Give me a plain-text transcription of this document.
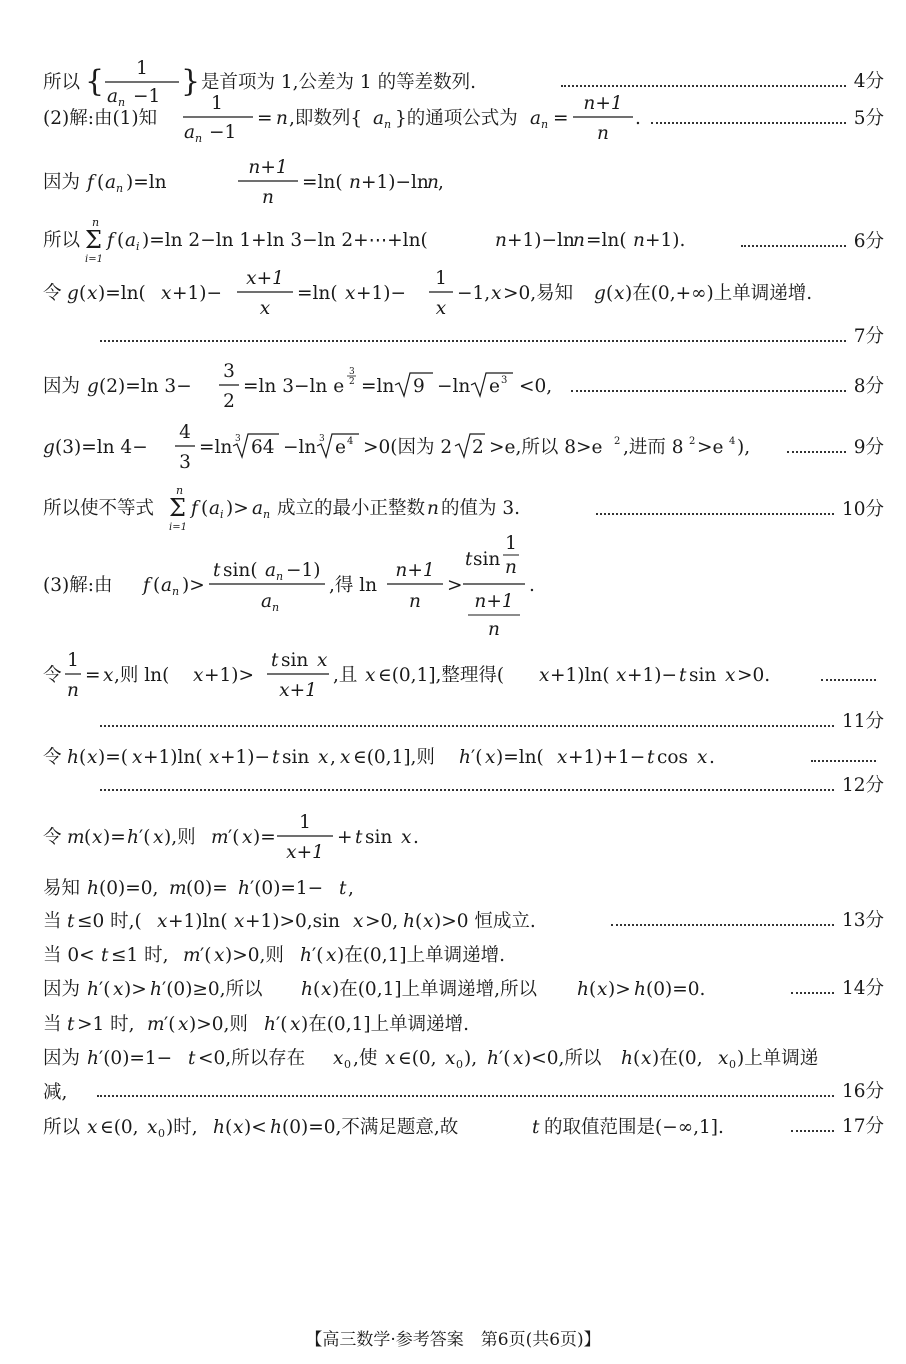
所以 { 1
a n −1 } 是首项为 1,公差为 1 的等差数列.	4分
(2)解:由(1)知
1
a n −1
= n ,即数列{ a n }的通项公式为 a n =
n+1
n
.	5分
因为 f ( a n )=ln
n+1
n
=ln( n +1)−ln
n ,
所以
n
Σ
i=1
f ( a i )=ln 2−ln 1+ln 3−ln 2+⋯+ln(	n +1)−ln
n =ln( n +1).	6分
令 g ( x )=ln( x +1)−
x+1
x
=ln( x +1)−
1
x
−1, x >0,易知 g ( x )在(0,+∞)上单调递增.
7分
因为 g (2)=ln 3−
3
2
=ln 3−ln e
3
2 =ln 9 −ln e 3 <0,	8分
g (3)=ln 4−
4
3
=ln 3 64 −ln 3 e 4 >0(因为 2 2 >e,所以 8>e 2 ,进而 8 2 >e 4 ),	9分
所以使不等式
n
Σ
i=1
f ( a i )> a n 成立的最小正整数 n 的值为 3.	10分
(3)解:由 f ( a n )>
t sin( a n −1)
a n
,得 ln
n+1
n
>
t sin
1
n
n+1
n
.
令
1
n
= x ,则 ln( x +1)>
t sin x
x+1
,且 x ∈(0,1],整理得( x +1)ln( x +1)− t sin x >0.
11分
令 h ( x )=( x +1)ln( x +1)− t sin x , x ∈(0,1],则 h ′( x )=ln( x +1)+1− t cos x .
12分
令 m ( x )= h ′( x ),则 m ′( x )=
1
x+1
+ t sin x .
易知 h (0)=0, m (0)= h ′(0)=1− t ,
当 t ≤0 时,( x +1)ln( x +1)>0,sin x >0, h ( x )>0 恒成立.	13分
当 0< t ≤1 时, m ′( x )>0,则 h ′( x )在(0,1]上单调递增.
因为 h ′( x )> h ′(0)≥0,所以 h ( x )在(0,1]上单调递增,所以 h ( x )> h (0)=0.	14分
当 t >1 时, m ′( x )>0,则 h ′( x )在(0,1]上单调递增.
因为 h ′(0)=1− t <0,所以存在 x 0 ,使 x ∈(0, x 0 ), h ′( x )<0,所以 h ( x )在(0, x 0 )上单调递
减,	16分
所以 x ∈(0, x 0 )时, h ( x )< h (0)=0,不满足题意,故	t 的取值范围是(−∞,1].	17分
【高三数学·参考答案　第6页(共6页)】
